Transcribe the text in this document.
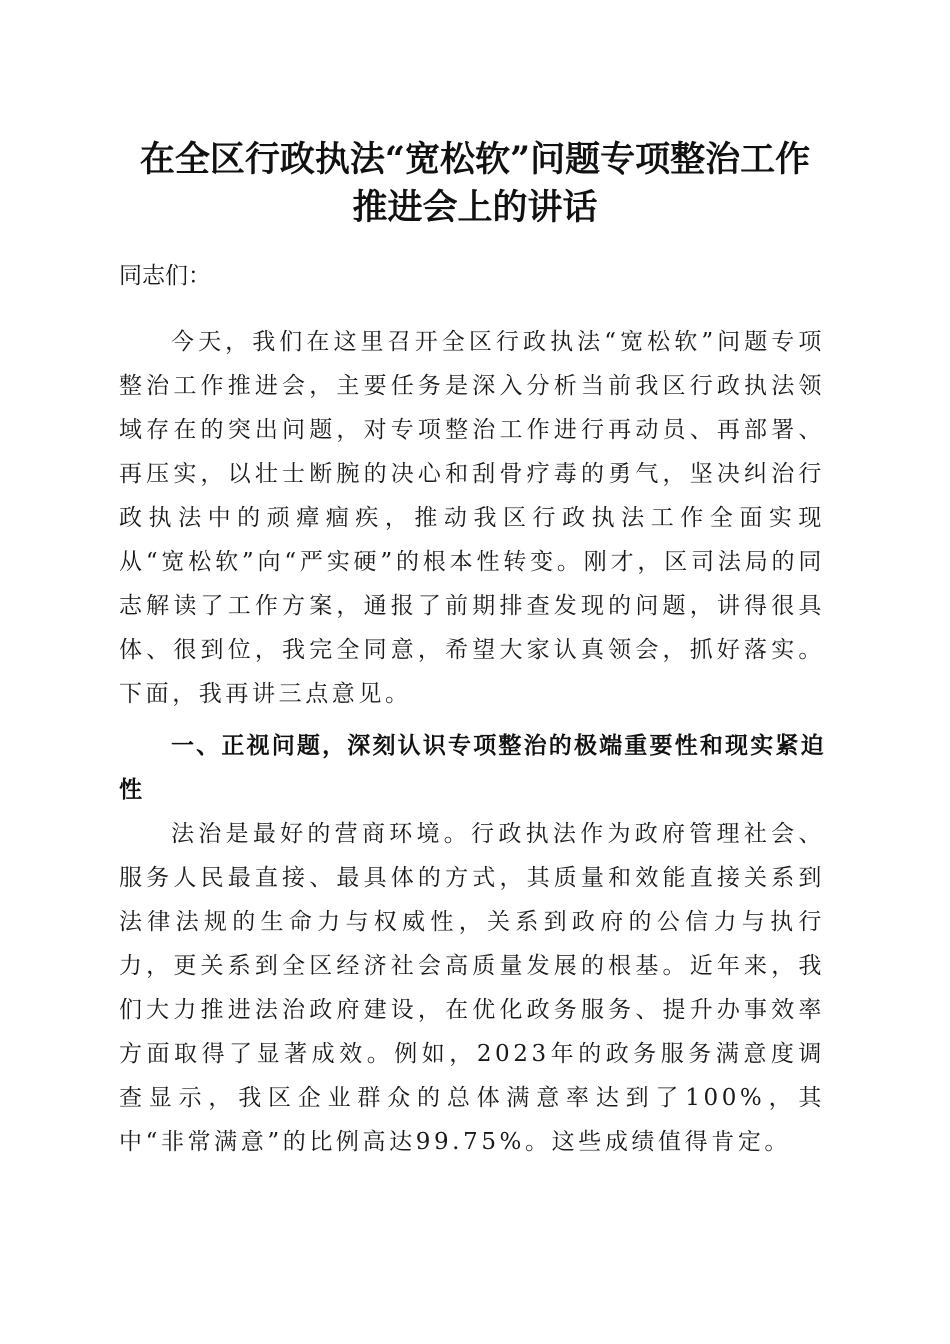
在全区行政执法“宽松软”问题专项整治工作
推进会上的讲话
同志们：
今天，我们在这里召开全区行政执法“宽松软”问题专项整治工作推进会，主要任务是深入分析当前我区行政执法领域存在的突出问题，对专项整治工作进行再动员、再部署、再压实，以壮士断腕的决心和刮骨疗毒的勇气，坚决纠治行政执法中的顽瘴痼疾，推动我区行政执法工作全面实现从“宽松软”向“严实硬”的根本性转变。刚才，区司法局的同志解读了工作方案，通报了前期排查发现的问题，讲得很具体、很到位，我完全同意，希望大家认真领会，抓好落实。下面，我再讲三点意见。
一、正视问题，深刻认识专项整治的极端重要性和现实紧迫性
法治是最好的营商环境。行政执法作为政府管理社会、服务人民最直接、最具体的方式，其质量和效能直接关系到法律法规的生命力与权威性，关系到政府的公信力与执行力，更关系到全区经济社会高质量发展的根基。近年来，我们大力推进法治政府建设，在优化政务服务、提升办事效率方面取得了显著成效。例如，2023年的政务服务满意度调查显示，我区企业群众的总体满意率达到了100%，其中“非常满意”的比例高达99.75%。这些成绩值得肯定。
